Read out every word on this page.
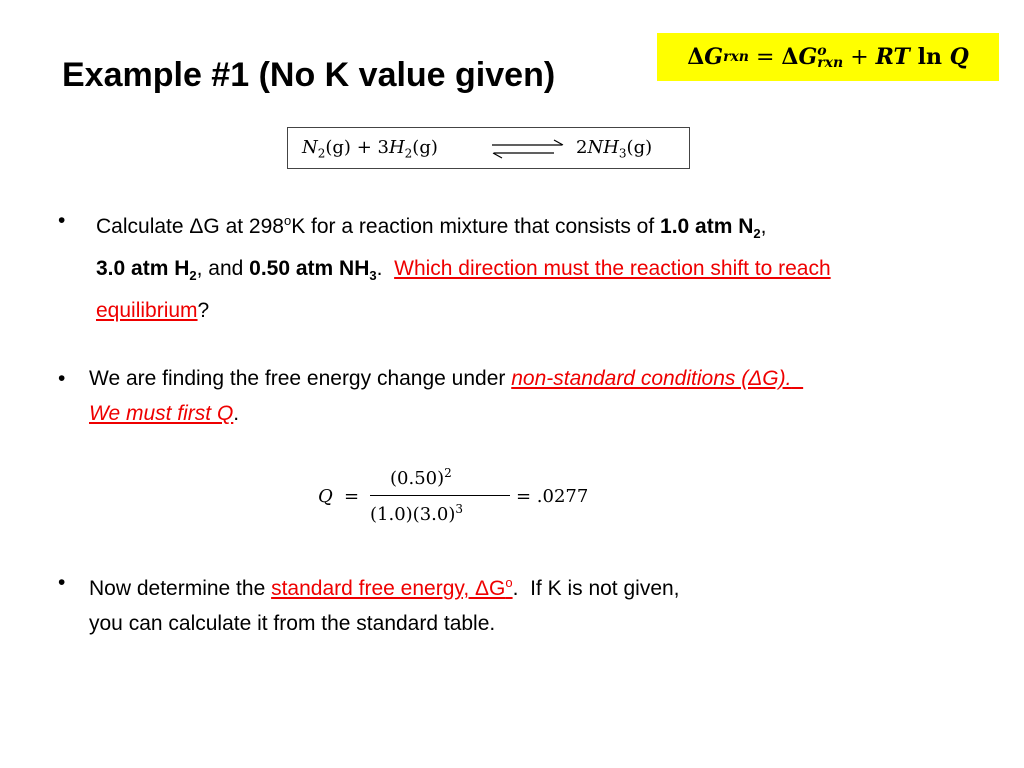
Example #1 (No K value given)	Δ G rxn = Δ G o
rxn + RT
ln
Q
$N_2(g) + 3H_2(g)$	$2NH_3(g)$
• Calculate ΔG at 298$^o$K for a reaction mixture that consists of 1.0 atm $N_2$,
3.0 atm $H_2$, and 0.50 atm $NH_3$.  Which direction must the reaction shift to reach equilibrium?
• We are finding the free energy change under non-standard conditions (ΔG).  We must first Q.
Q =
$(0.50)^2$
$(1.0)(3.0)^3$
= .0277
• Now determine the standard free energy, $\Delta G^o$.  If K is not given,
you can calculate it from the standard table.
